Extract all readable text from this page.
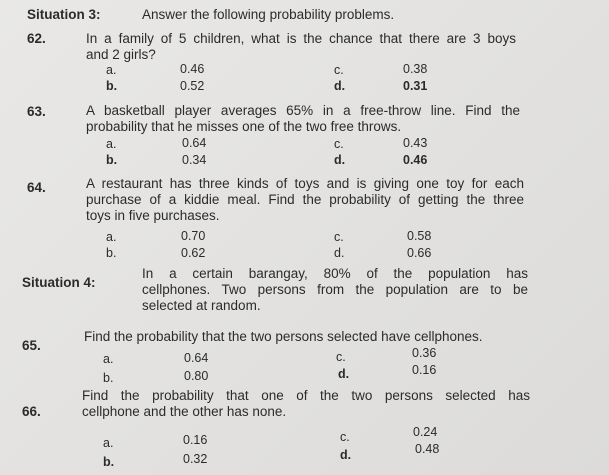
Situation 3:	Answer the following probability problems.
62.	In a family of 5 children, what is the chance that there are 3 boys
and 2 girls?
a.	0.46	c.	0.38
b.	0.52	d.	0.31
63.	A basketball player averages 65% in a free-throw line. Find the
probability that he misses one of the two free throws.
a.	0.64	c.	0.43
b.	0.34	d.	0.46
64.	A restaurant has three kinds of toys and is giving one toy for each
purchase of a kiddie meal. Find the probability of getting the three
toys in five purchases.
a.	0.70	c.	0.58
b.	0.62	d.	0.66
Situation 4:
In a certain barangay, 80% of the population has
cellphones. Two persons from the population are to be
selected at random.
65.
Find the probability that the two persons selected have cellphones.
a.	0.64	c.	0.36
b.	0.80	d.	0.16
66.
Find the probability that one of the two persons selected has
cellphone and the other has none.
a.	0.16	c.	0.24
b.	0.32	d.	0.48
